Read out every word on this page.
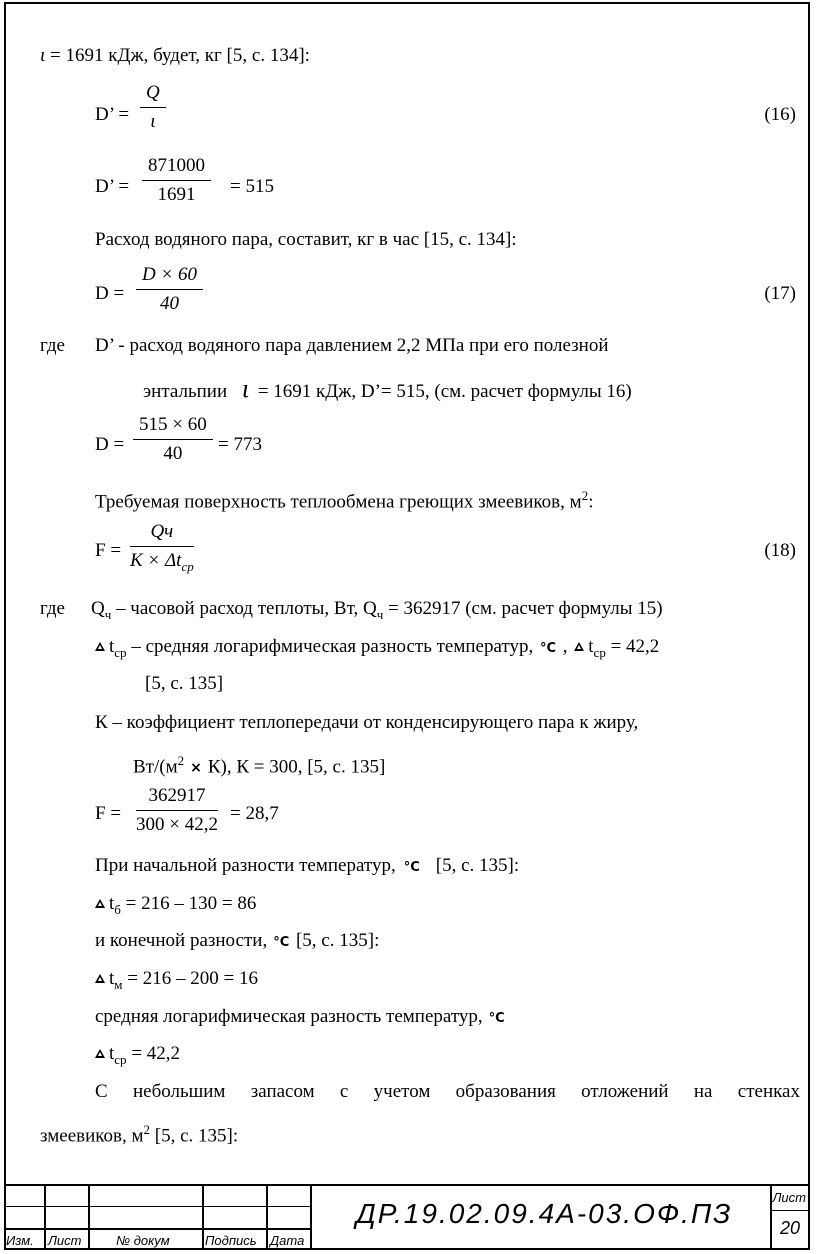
ι = 1691 кДж, будет, кг [5, с. 134]:
D’ = $\frac{Q}{\iota}$	(16)
D’ = $\frac{871000}{1691} = 515$
Расход водяного пара, составит, кг в час [15, с. 134]:
$D = \frac{D \times 60}{40}$	(17)
где D’ - расход водяного пара давлением 2,2 МПа при его полезной
энтальпии ι = 1691 кДж, D’= 515, (см. расчет формулы 16)
$D = \frac{515 \times 60}{40} = 773$
Требуемая поверхность теплообмена греющих змеевиков, $м^2$:
F =
Qч
$K \times \Delta t_{ср}$
(18)
где $Q_ч$ – часовой расход теплоты, Вт, $Q_ч = 362917$ (см. расчет формулы 15)
$t_{ср}$ – средняя логарифмическая разность температур, °C , $t_{ср} = 42,2$
[5, с. 135]
К – коэффициент теплопередачи от конденсирующего пара к жиру,
$Вт/(м^2 \times К)$, К = 300, [5, с. 135]
$F = \frac{362917}{300 \times 42,2} = 28,7$
При начальной разности температур, °C [5, с. 135]:
$t_б = 216 - 130 = 86$
и конечной разности, °C [5, с. 135]:
$t_м = 216 - 200 = 16$
средняя логарифмическая разность температур, °C
$t_{ср} = 42,2$
С небольшим запасом с учетом образования отложений на стенках
змеевиков, $м^2$ [5, с. 135]:
Изм. Лист	№ докум	Подпись Дата
ДР.19.02.09.4А-03.ОФ.ПЗ
Лист
20
